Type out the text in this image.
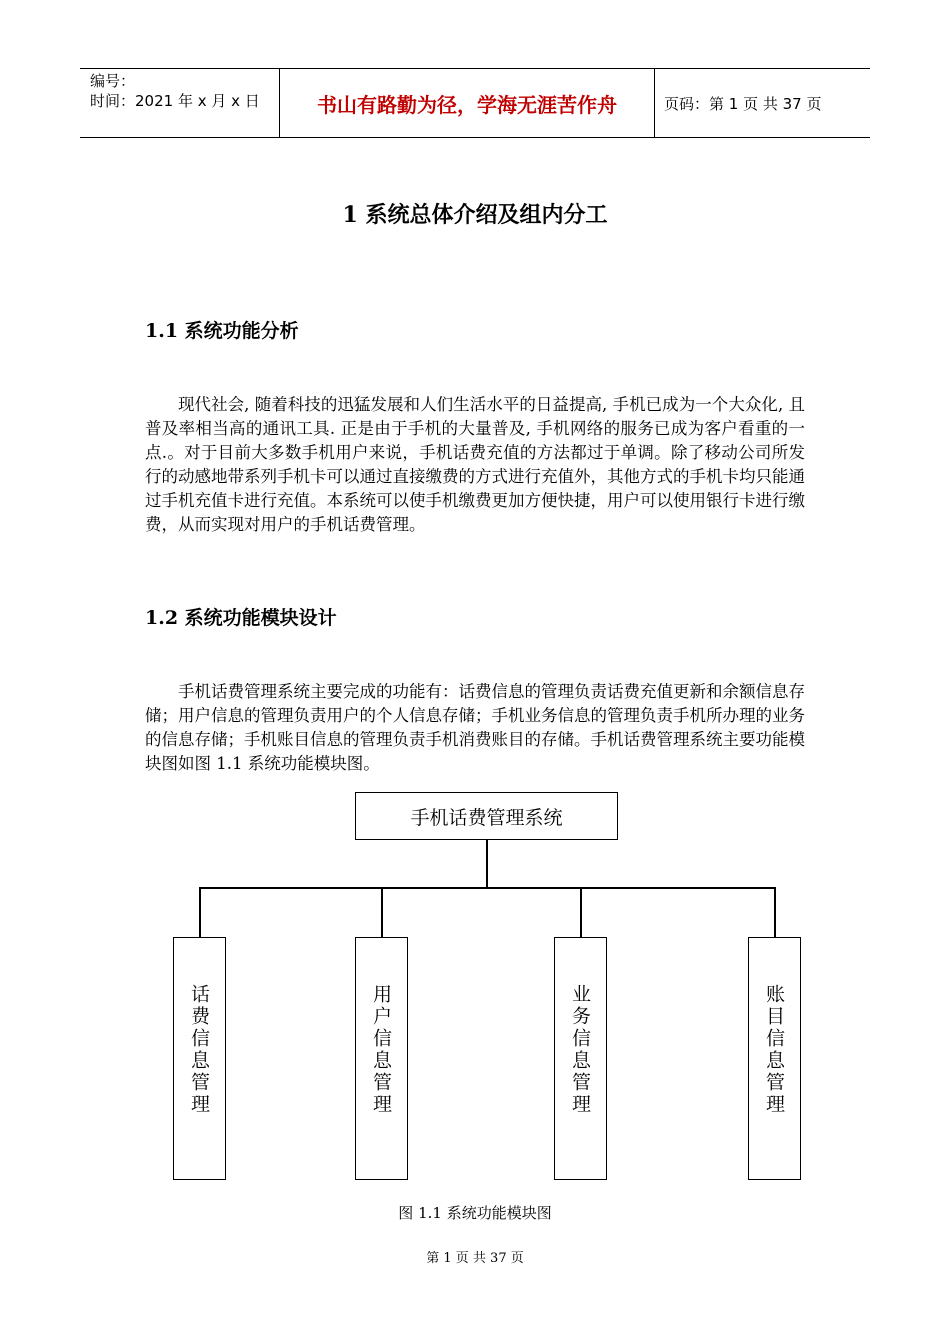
编号：
时间：2021 年 x 月 x 日	书山有路勤为径，学海无涯苦作舟	页码：第 1 页 共 37 页
1 系统总体介绍及组内分工
1.1 系统功能分析

现代社会, 随着科技的迅猛发展和人们生活水平的日益提高, 手机已成为一个大众化, 且普及率相当高的通讯工具. 正是由于手机的大量普及, 手机网络的服务已成为客户看重的一点.。对于目前大多数手机用户来说，手机话费充值的方法都过于单调。除了移动公司所发行的动感地带系列手机卡可以通过直接缴费的方式进行充值外，其他方式的手机卡均只能通过手机充值卡进行充值。本系统可以使手机缴费更加方便快捷，用户可以使用银行卡进行缴费，从而实现对用户的手机话费管理。

1.2 系统功能模块设计

手机话费管理系统主要完成的功能有：话费信息的管理负责话费充值更新和余额信息存储；用户信息的管理负责用户的个人信息存储；手机业务信息的管理负责手机所办理的业务的信息存储；手机账目信息的管理负责手机消费账目的存储。手机话费管理系统主要功能模块图如图 1.1 系统功能模块图。

手机话费管理系统
话费信息管理	用户信息管理	业务信息管理	账目信息管理
图 1.1 系统功能模块图
第 1 页 共 37 页
